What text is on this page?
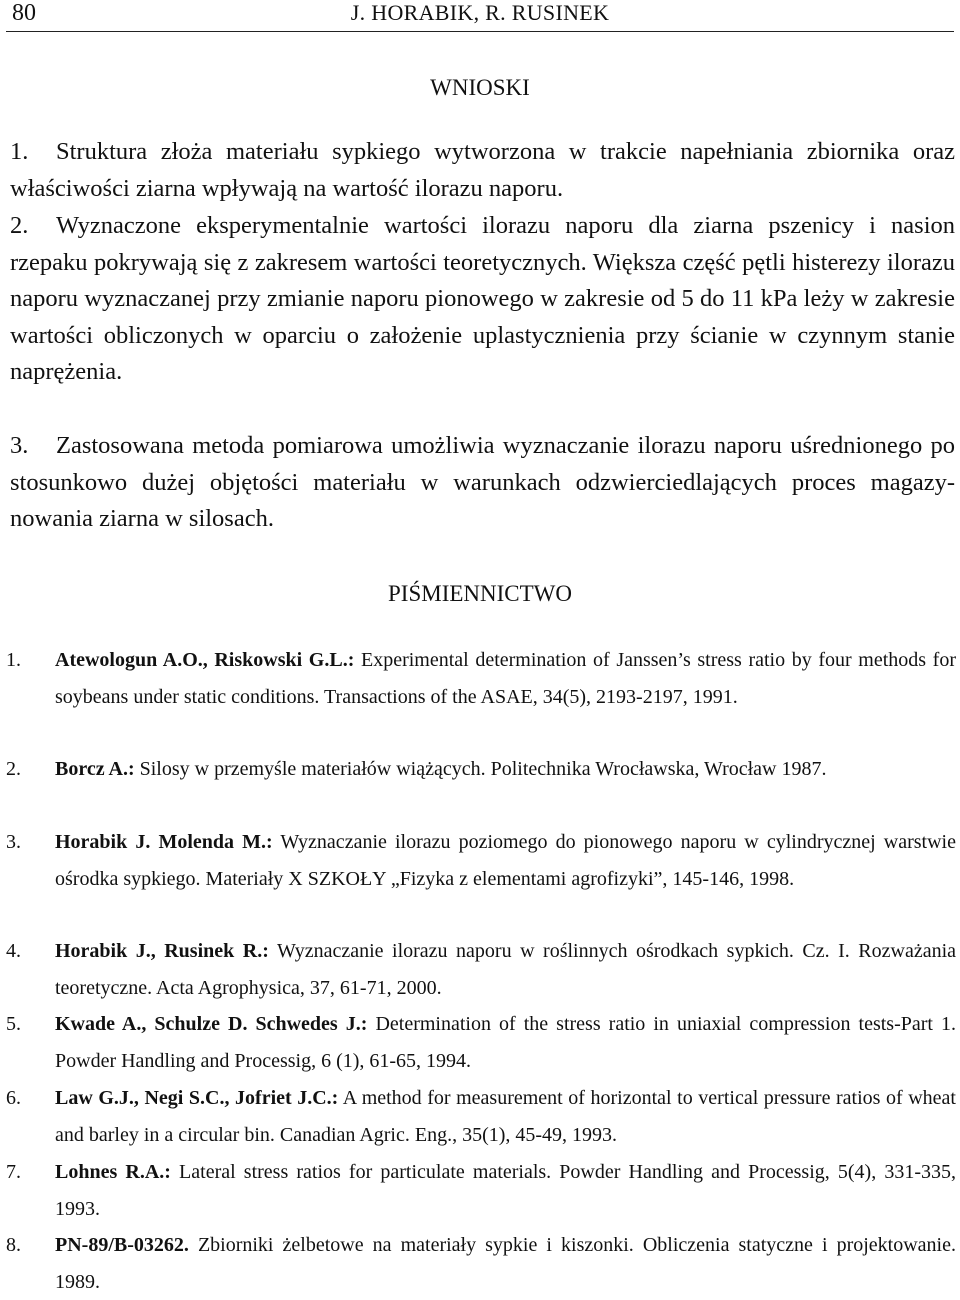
80	J. HORABIK, R. RUSINEK
WNIOSKI
1.	Struktura złoża materiału sypkiego wytworzona w trakcie napełniania zbiornika oraz właściwości ziarna wpływają na wartość ilorazu naporu.
2.	Wyznaczone eksperymentalnie wartości ilorazu naporu dla ziarna pszenicy i nasion rzepaku pokrywają się z zakresem wartości teoretycznych. Większa część pętli histerezy ilorazu naporu wyznaczanej przy zmianie naporu pionowego w zakresie od 5 do 11 kPa leży w zakresie wartości obliczonych w oparciu o założenie uplastycznienia przy ścianie w czynnym stanie naprężenia.
3.	Zastosowana metoda pomiarowa umożliwia wyznaczanie ilorazu naporu uśrednionego po stosunkowo dużej objętości materiału w warunkach odzwierciedlających proces magazy-nowania ziarna w silosach.
PIŚMIENNICTWO
1. Atewologun A.O., Riskowski G.L.: Experimental determination of Janssen’s stress ratio by four methods for soybeans under static conditions. Transactions of the ASAE, 34(5), 2193-2197, 1991.
2. Borcz A.: Silosy w przemyśle materiałów wiążących. Politechnika Wrocławska, Wrocław 1987.
3. Horabik J. Molenda M.: Wyznaczanie ilorazu poziomego do pionowego naporu w cylindrycznej warstwie ośrodka sypkiego. Materiały X SZKOŁY „Fizyka z elementami agrofizyki”, 145-146, 1998.
4. Horabik J., Rusinek R.: Wyznaczanie ilorazu naporu w roślinnych ośrodkach sypkich. Cz. I. Rozważania teoretyczne. Acta Agrophysica, 37, 61-71, 2000.
5. Kwade A., Schulze D. Schwedes J.: Determination of the stress ratio in uniaxial compression tests-Part 1. Powder Handling and Processig, 6 (1), 61-65, 1994.
6. Law G.J., Negi S.C., Jofriet J.C.: A method for measurement of horizontal to vertical pressure ratios of wheat and barley in a circular bin. Canadian Agric. Eng., 35(1), 45-49, 1993.
7. Lohnes R.A.: Lateral stress ratios for particulate materials. Powder Handling and Processig, 5(4), 331-335, 1993.
8. PN-89/B-03262. Zbiorniki żelbetowe na materiały sypkie i kiszonki. Obliczenia statyczne i projektowanie. 1989.
